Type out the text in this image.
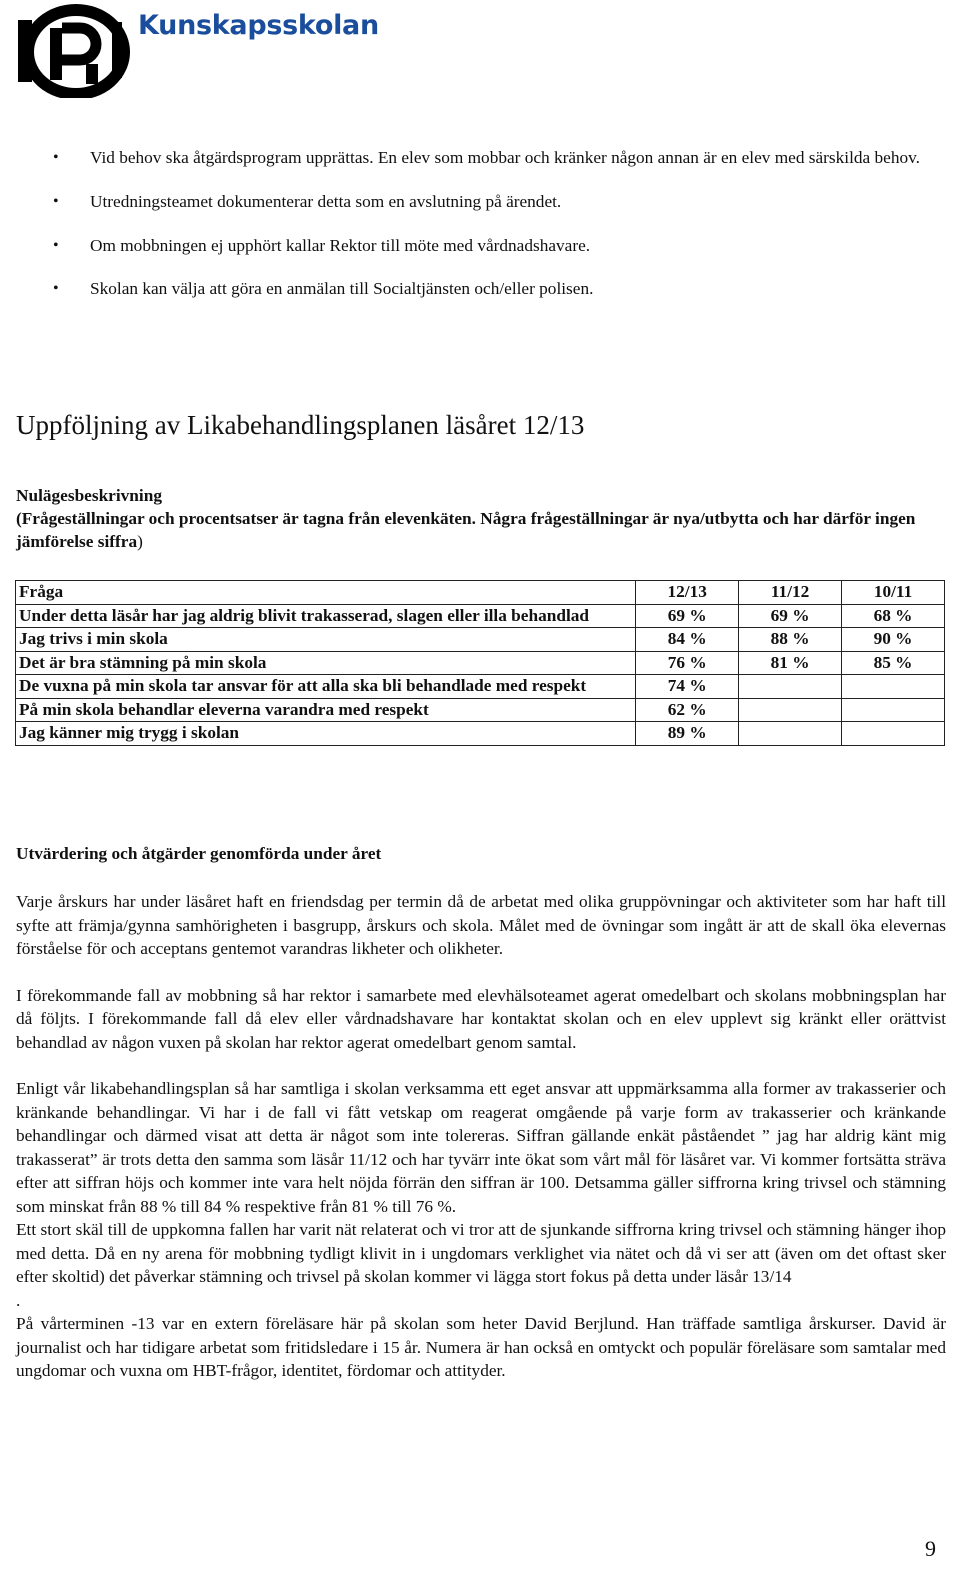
Kunskapsskolan
• Vid behov ska åtgärdsprogram upprättas. En elev som mobbar och kränker någon annan är en elev med särskilda behov.
• Utredningsteamet dokumenterar detta som en avslutning på ärendet.
• Om mobbningen ej upphört kallar Rektor till möte med vårdnadshavare.
• Skolan kan välja att göra en anmälan till Socialtjänsten och/eller polisen.
Uppföljning av Likabehandlingsplanen läsåret 12/13
Nulägesbeskrivning
(Frågeställningar och procentsatser är tagna från elevenkäten. Några frågeställningar är nya/utbytta och har därför ingen jämförelse siffra)
Fråga	12/13	11/12	10/11
Under detta läsår har jag aldrig blivit trakasserad, slagen eller illa behandlad	69 %	69 %	68 %
Jag trivs i min skola	84 %	88 %	90 %
Det är bra stämning på min skola	76 %	81 %	85 %
De vuxna på min skola tar ansvar för att alla ska bli behandlade med respekt	74 %		
På min skola behandlar eleverna varandra med respekt	62 %		
Jag känner mig trygg i skolan	89 %		
Utvärdering och åtgärder genomförda under året

Varje årskurs har under läsåret haft en friendsdag per termin då de arbetat med olika gruppövningar och aktiviteter som har haft till syfte att främja/gynna samhörigheten i basgrupp, årskurs och skola. Målet med de övningar som ingått är att de skall öka elevernas förståelse för och acceptans gentemot varandras likheter och olikheter.

I förekommande fall av mobbning så har rektor i samarbete med elevhälsoteamet agerat omedelbart och skolans mobbningsplan har då följts. I förekommande fall då elev eller vårdnadshavare har kontaktat skolan och en elev upplevt sig kränkt eller orättvist behandlad av någon vuxen på skolan har rektor agerat omedelbart genom samtal.

Enligt vår likabehandlingsplan så har samtliga i skolan verksamma ett eget ansvar att uppmärksamma alla former av trakasserier och kränkande behandlingar. Vi har i de fall vi fått vetskap om reagerat omgående på varje form av trakasserier och kränkande behandlingar och därmed visat att detta är något som inte tolereras. Siffran gällande enkät påståendet ” jag har aldrig känt mig trakasserat” är trots detta den samma som läsår 11/12 och har tyvärr inte ökat som vårt mål för läsåret var. Vi kommer fortsätta sträva efter att siffran höjs och kommer inte vara helt nöjda förrän den siffran är 100. Detsamma gäller siffrorna kring trivsel och stämning som minskat från 88 % till 84 % respektive från 81 % till 76 %.

Ett stort skäl till de uppkomna fallen har varit nät relaterat och vi tror att de sjunkande siffrorna kring trivsel och stämning hänger ihop med detta. Då en ny arena för mobbning tydligt klivit in i ungdomars verklighet via nätet och då vi ser att (även om det oftast sker efter skoltid) det påverkar stämning och trivsel på skolan kommer vi lägga stort fokus på detta under läsår 13/14

.

På vårterminen -13 var en extern föreläsare här på skolan som heter David Berjlund. Han träffade samtliga årskurser. David är journalist och har tidigare arbetat som fritidsledare i 15 år. Numera är han också en omtyckt och populär föreläsare som samtalar med ungdomar och vuxna om HBT-frågor, identitet, fördomar och attityder.

9
